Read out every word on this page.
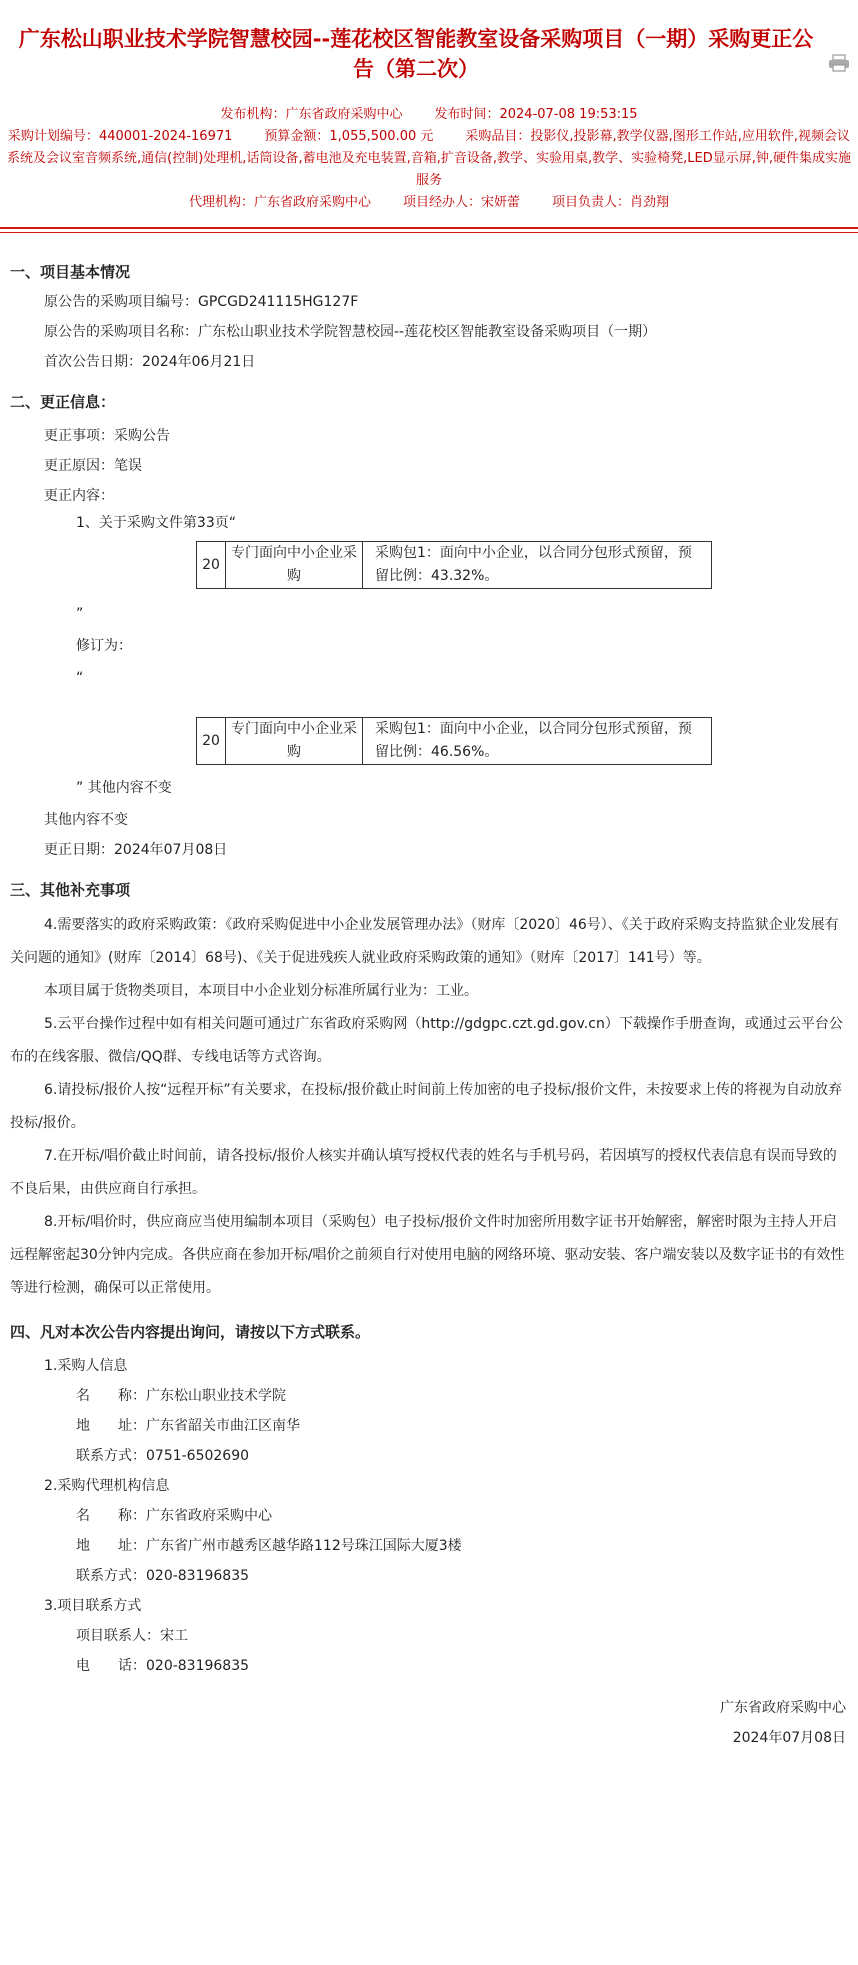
广东松山职业技术学院智慧校园--莲花校区智能教室设备采购项目（一期）采购更正公告（第二次）
发布机构：广东省政府采购中心 发布时间：2024-07-08 19:53:15
采购计划编号：440001-2024-16971 预算金额：1,055,500.00 元 采购品目：投影仪,投影幕,教学仪器,图形工作站,应用软件,视频会议系统及会议室音频系统,通信(控制)处理机,话筒设备,蓄电池及充电装置,音箱,扩音设备,教学、实验用桌,教学、实验椅凳,LED显示屏,钟,硬件集成实施服务
代理机构：广东省政府采购中心 项目经办人：宋妍蕾 项目负责人：肖劲翔
一、项目基本情况
原公告的采购项目编号：GPCGD241115HG127F
原公告的采购项目名称：广东松山职业技术学院智慧校园--莲花校区智能教室设备采购项目（一期）
首次公告日期：2024年06月21日
二、更正信息：
更正事项：采购公告
更正原因：笔误
更正内容：
1、关于采购文件第33页“
20	专门面向中小企业采购	采购包1：面向中小企业，以合同分包形式预留，预留比例：43.32%。
”
修订为：
“
20	专门面向中小企业采购	采购包1：面向中小企业，以合同分包形式预留，预留比例：46.56%。
” 其他内容不变
其他内容不变
更正日期：2024年07月08日
三、其他补充事项
4.需要落实的政府采购政策：《政府采购促进中小企业发展管理办法》（财库〔2020〕46号）、《关于政府采购支持监狱企业发展有关问题的通知》(财库〔2014〕68号)、《关于促进残疾人就业政府采购政策的通知》（财库〔2017〕141号）等。
本项目属于货物类项目，本项目中小企业划分标准所属行业为：工业。
5.云平台操作过程中如有相关问题可通过广东省政府采购网（http://gdgpc.czt.gd.gov.cn）下载操作手册查询，或通过云平台公布的在线客服、微信/QQ群、专线电话等方式咨询。
6.请投标/报价人按“远程开标”有关要求，在投标/报价截止时间前上传加密的电子投标/报价文件，未按要求上传的将视为自动放弃投标/报价。
7.在开标/唱价截止时间前，请各投标/报价人核实并确认填写授权代表的姓名与手机号码，若因填写的授权代表信息有误而导致的不良后果，由供应商自行承担。
8.开标/唱价时，供应商应当使用编制本项目（采购包）电子投标/报价文件时加密所用数字证书开始解密，解密时限为主持人开启远程解密起30分钟内完成。各供应商在参加开标/唱价之前须自行对使用电脑的网络环境、驱动安装、客户端安装以及数字证书的有效性等进行检测，确保可以正常使用。
四、凡对本次公告内容提出询问，请按以下方式联系。
1.采购人信息
名　　称：广东松山职业技术学院
地　　址：广东省韶关市曲江区南华
联系方式：0751-6502690
2.采购代理机构信息
名　　称：广东省政府采购中心
地　　址：广东省广州市越秀区越华路112号珠江国际大厦3楼
联系方式：020-83196835
3.项目联系方式
项目联系人：宋工
电　　话：020-83196835
广东省政府采购中心
2024年07月08日
